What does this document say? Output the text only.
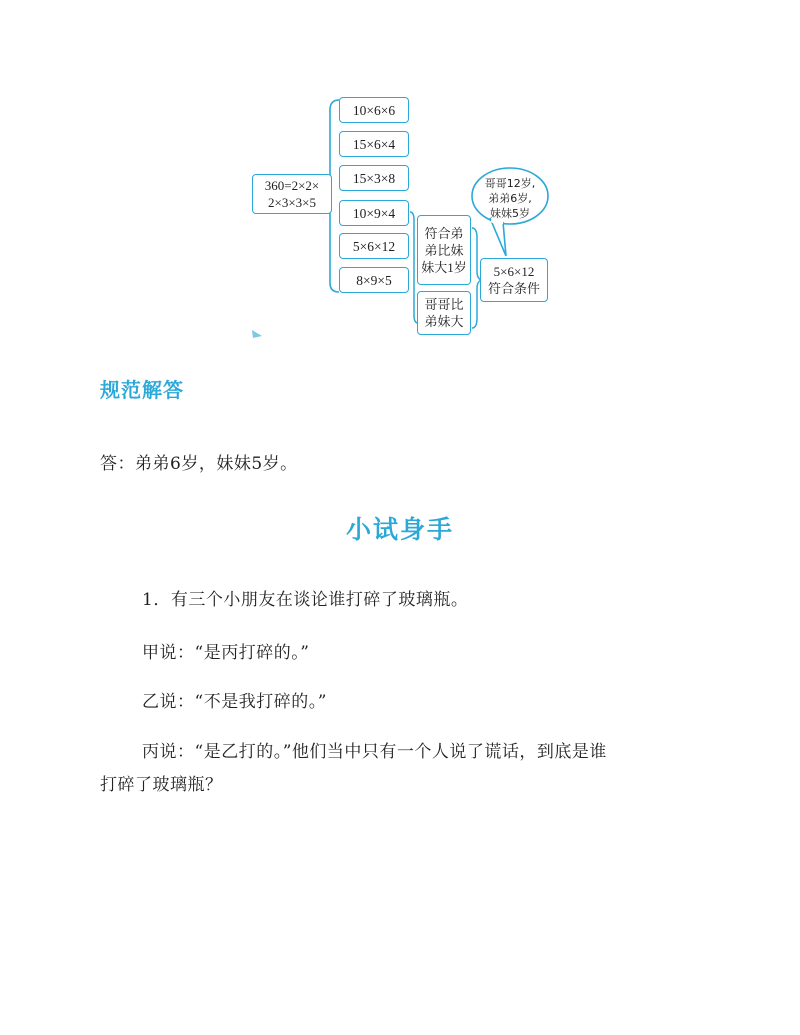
360=2×2×
2×3×3×5
10×6×6
15×6×4
15×3×8
10×9×4
5×6×12
8×9×5
符合弟
弟比妹
妹大1岁
哥哥比
弟妹大
5×6×12
符合条件
哥哥12岁,
弟弟6岁,
妹妹5岁
规范解答
答：弟弟6岁，妹妹5岁。
小试身手
1．有三个小朋友在谈论谁打碎了玻璃瓶。
甲说：“是丙打碎的。”
乙说：“不是我打碎的。”
丙说：“是乙打的。”他们当中只有一个人说了谎话，到底是谁
打碎了玻璃瓶？
